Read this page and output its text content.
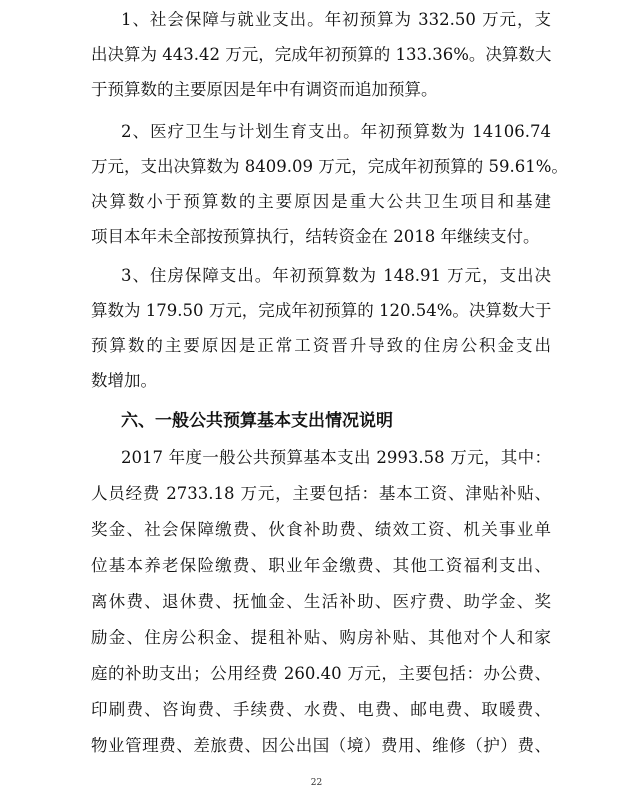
1、社会保障与就业支出。年初预算为 332.50 万元，支
出决算为 443.42 万元，完成年初预算的 133.36%。决算数大
于预算数的主要原因是年中有调资而追加预算。
2、医疗卫生与计划生育支出。年初预算数为 14106.74
万元，支出决算数为 8409.09 万元，完成年初预算的 59.61%。
决算数小于预算数的主要原因是重大公共卫生项目和基建
项目本年未全部按预算执行，结转资金在 2018 年继续支付。
3、住房保障支出。年初预算数为 148.91 万元，支出决
算数为 179.50 万元，完成年初预算的 120.54%。决算数大于
预算数的主要原因是正常工资晋升导致的住房公积金支出
数增加。
六、一般公共预算基本支出情况说明
2017 年度一般公共预算基本支出 2993.58 万元，其中：
人员经费 2733.18 万元，主要包括：基本工资、津贴补贴、
奖金、社会保障缴费、伙食补助费、绩效工资、机关事业单
位基本养老保险缴费、职业年金缴费、其他工资福利支出、
离休费、退休费、抚恤金、生活补助、医疗费、助学金、奖
励金、住房公积金、提租补贴、购房补贴、其他对个人和家
庭的补助支出；公用经费 260.40 万元，主要包括：办公费、
印刷费、咨询费、手续费、水费、电费、邮电费、取暖费、
物业管理费、差旅费、因公出国（境）费用、维修（护）费、
22
